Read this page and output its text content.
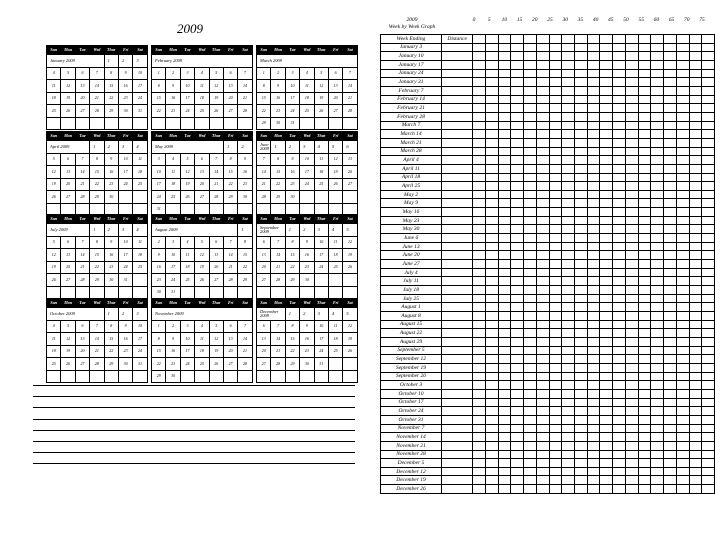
2009
Sun	Mon	Tue	Wed	Thur	Fri	Sat
January 2009				1	2	3
4	5	6	7	8	9	10
11	12	13	14	15	16	17
18	19	20	21	22	23	24
25	26	27	28	29	30	31

Sun	Mon	Tue	Wed	Thur	Fri	Sat
February 2009						
1	2	3	4	5	6	7
8	9	10	11	12	13	14
15	16	17	18	19	20	21
22	23	24	25	26	27	28

Sun	Mon	Tue	Wed	Thur	Fri	Sat
March 2009						
1	2	3	4	5	6	7
8	9	10	11	12	13	14
15	16	17	18	19	20	21
22	23	24	25	26	27	28
29	30	31				
Sun	Mon	Tue	Wed	Thur	Fri	Sat
April 2009			1	2	3	4
5	6	7	8	9	10	11
12	13	14	15	16	17	18
19	20	21	22	23	24	25
26	27	28	29	30		

Sun	Mon	Tue	Wed	Thur	Fri	Sat
May 2009					1	2
3	4	5	6	7	8	9
10	11	12	13	14	15	16
17	18	19	20	21	22	23
24	25	26	27	28	29	30
31						
Sun	Mon	Tue	Wed	Thur	Fri	Sat
June 2009	1	2	3	4	5	6
7	8	9	10	11	12	13
14	15	16	17	18	19	20
21	22	23	24	25	26	27
28	29	30				

Sun	Mon	Tue	Wed	Thur	Fri	Sat
July 2009			1	2	3	4
5	6	7	8	9	10	11
12	13	14	15	16	17	18
19	20	21	22	23	24	25
26	27	28	29	30	31	

Sun	Mon	Tue	Wed	Thur	Fri	Sat
August 2009						1
2	3	4	5	6	7	8
9	10	11	12	13	14	15
16	17	18	19	20	21	22
23	24	25	26	27	28	29
30	31					
Sun	Mon	Tue	Wed	Thur	Fri	Sat
September 2009		1	2	3	4	5
6	7	8	9	10	11	12
13	14	15	16	17	18	19
20	21	22	23	24	25	26
27	28	29	30			

Sun	Mon	Tue	Wed	Thur	Fri	Sat
October 2009				1	2	3
4	5	6	7	8	9	10
11	12	13	14	15	16	17
18	19	20	21	22	23	24
25	26	27	28	29	30	31

Sun	Mon	Tue	Wed	Thur	Fri	Sat
November 2009						
1	2	3	4	5	6	7
8	9	10	11	12	13	14
15	16	17	18	19	20	21
22	23	24	25	26	27	28
29	30					
Sun	Mon	Tue	Wed	Thur	Fri	Sat
December 2009		1	2	3	4	5
6	7	8	9	10	11	12
13	14	15	16	17	18	19
20	21	22	23	24	25	26
27	28	29	30	31		

2009
Week by Week Graph
0	5	10	15	20	25	30	35	40	45	50	55	60	65	70	75
Week Ending	Distance																			
January 3																				
January 10																				
January 17																				
January 24																				
January 31																				
February 7																				
February 14																				
February 21																				
February 28																				
March 7																				
March 14																				
March 21																				
March 28																				
April 4																				
April 11																				
April 18																				
April 25																				
May 2																				
May 9																				
May 16																				
May 23																				
May 30																				
June 6																				
June 13																				
June 20																				
June 27																				
July 4																				
July 11																				
July 18																				
July 25																				
August 1																				
August 8																				
August 15																				
August 22																				
August 29																				
September 5																				
September 12																				
September 19																				
September 26																				
October 3																				
October 10																				
October 17																				
October 24																				
October 31																				
November 7																				
November 14																				
November 21																				
November 28																				
December 5																				
December 12																				
December 19																				
December 26																				
